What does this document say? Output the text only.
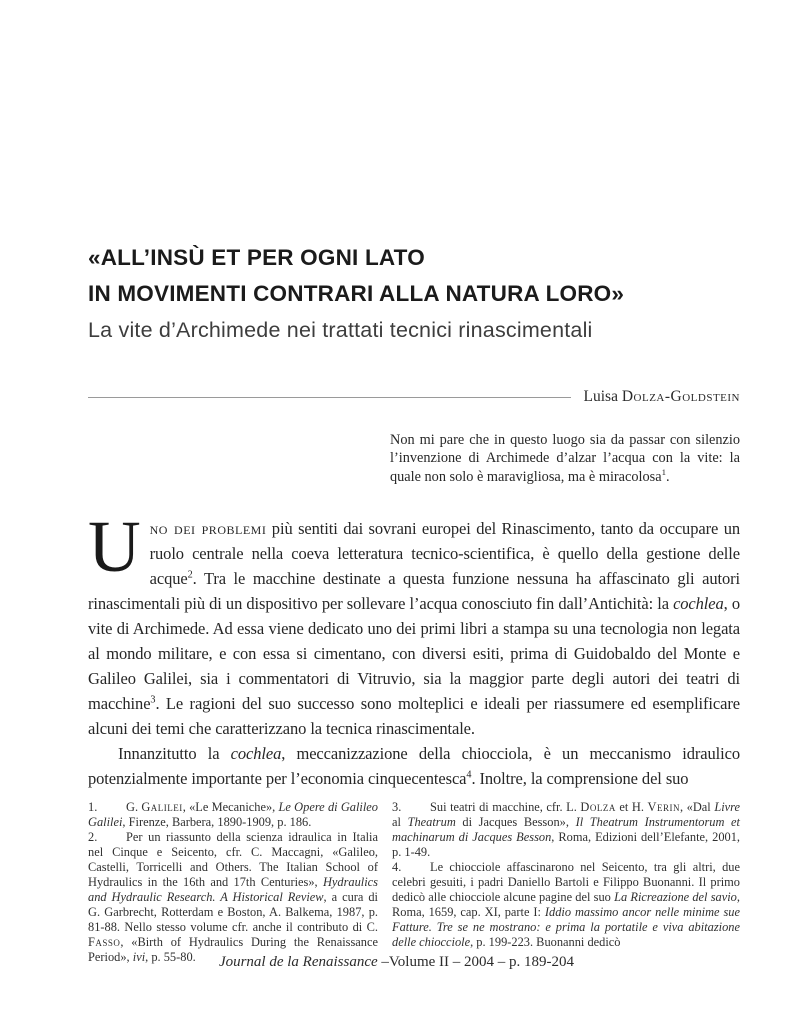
«ALL’INSÙ ET PER OGNI LATO
IN MOVIMENTI CONTRARI ALLA NATURA LORO»
La vite d’Archimede nei trattati tecnici rinascimentali
Luisa Dolza-Goldstein
Non mi pare che in questo luogo sia da passar con silenzio l’invenzione di Archimede d’alzar l’acqua con la vite: la quale non solo è maravigliosa, ma è miracolosa$^1$.

Uno dei problemi più sentiti dai sovrani europei del Rinascimento, tanto da occupare un ruolo centrale nella coeva letteratura tecnico-scientifica, è quello della gestione delle acque$^2$. Tra le macchine destinate a questa funzione nessuna ha affascinato gli autori rinascimentali più di un dispositivo per sollevare l’acqua conosciuto fin dall’Antichità: la cochlea, o vite di Archimede. Ad essa viene dedicato uno dei primi libri a stampa su una tecnologia non legata al mondo militare, e con essa si cimentano, con diversi esiti, prima di Guidobaldo del Monte e Galileo Galilei, sia i commentatori di Vitruvio, sia la maggior parte degli autori dei teatri di macchine$^3$. Le ragioni del suo successo sono molteplici e ideali per riassumere ed esemplificare alcuni dei temi che caratterizzano la tecnica rinascimentale.

Innanzitutto la cochlea, meccanizzazione della chiocciola, è un meccanismo idraulico potenzialmente importante per l’economia cinquecentesca$^4$. Inoltre, la comprensione del suo

1. G. Galilei, «Le Mecaniche», Le Opere di Galileo Galilei, Firenze, Barbera, 1890-1909, p. 186.

2. Per un riassunto della scienza idraulica in Italia nel Cinque e Seicento, cfr. C. Maccagni, «Galileo, Castelli, Torricelli and Others. The Italian School of Hydraulics in the 16th and 17th Centuries», Hydraulics and Hydraulic Research. A Historical Review, a cura di G. Garbrecht, Rotterdam e Boston, A. Balkema, 1987, p. 81-88. Nello stesso volume cfr. anche il contributo di C. Fasso, «Birth of Hydraulics During the Renaissance Period», ivi, p. 55-80.

3. Sui teatri di macchine, cfr. L. Dolza et H. Verin, «Dal Livre al Theatrum di Jacques Besson», Il Theatrum Instrumentorum et machinarum di Jacques Besson, Roma, Edizioni dell’Elefante, 2001, p. 1-49.

4. Le chiocciole affascinarono nel Seicento, tra gli altri, due celebri gesuiti, i padri Daniello Bartoli e Filippo Buonanni. Il primo dedicò alle chiocciole alcune pagine del suo La Ricreazione del savio, Roma, 1659, cap. XI, parte I: Iddio massimo ancor nelle minime sue Fatture. Tre se ne mostrano: e prima la portatile e viva abitazione delle chiocciole, p. 199-223. Buonanni dedicò

Journal de la Renaissance –Volume II – 2004 – p. 189-204
